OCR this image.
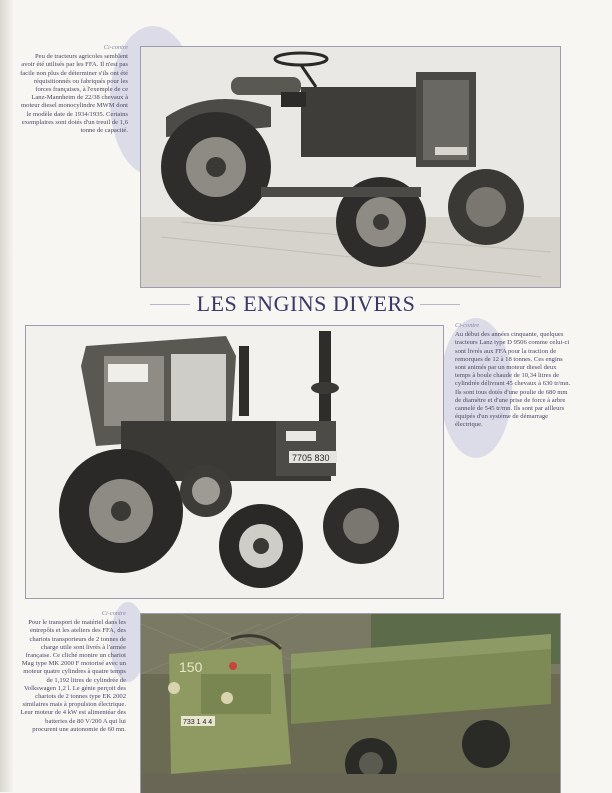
Ci-contre
Peu de tracteurs agricoles semblent avoir été utilisés par les FFA. Il n'est pas facile non plus de déterminer s'ils ont été réquisitionnés ou fabriqués pour les forces françaises, à l'exemple de ce Lanz-Mannheim de 22/38 chevaux à moteur diesel monocylindre MWM dont le modèle date de 1934/1935. Certains exemplaires sont dotés d'un treuil de 1,6 tonne de capacité.
LES ENGINS DIVERS
7705 830
Ci-contre
Au début des années cinquante, quelques tracteurs Lanz type D 9506 comme celui-ci sont livrés aux FFA pour la traction de remorques de 12 à 18 tonnes. Ces engins sont animés par un moteur diesel deux temps à boule chaude de 10,34 litres de cylindrée délivrant 45 chevaux à 630 tr/mn. Ils sont tous dotés d'une poulie de 680 mm de diamètre et d'une prise de force à arbre cannelé de 545 tr/mn. Ils sont par ailleurs équipés d'un système de démarrage électrique.
Ci-contre
Pour le transport de matériel dans les entrepôts et les ateliers des FFA, des chariots transporteurs de 2 tonnes de charge utile sont livrés à l'armée française. Ce cliché montre un chariot Mag type MK 2000 F motorisé avec un moteur quatre cylindres à quatre temps de 1,192 litres de cylindrée de Volkswagen 1,2 l. Le génie perçoit des chariots de 2 tonnes type EK 2002 similaires mais à propulsion électrique. Leur moteur de 4 kW est alimentéar des batteries de 80 V/200 A qui lui procurent une autonomie de 60 mn.
150
733 1 4 4
